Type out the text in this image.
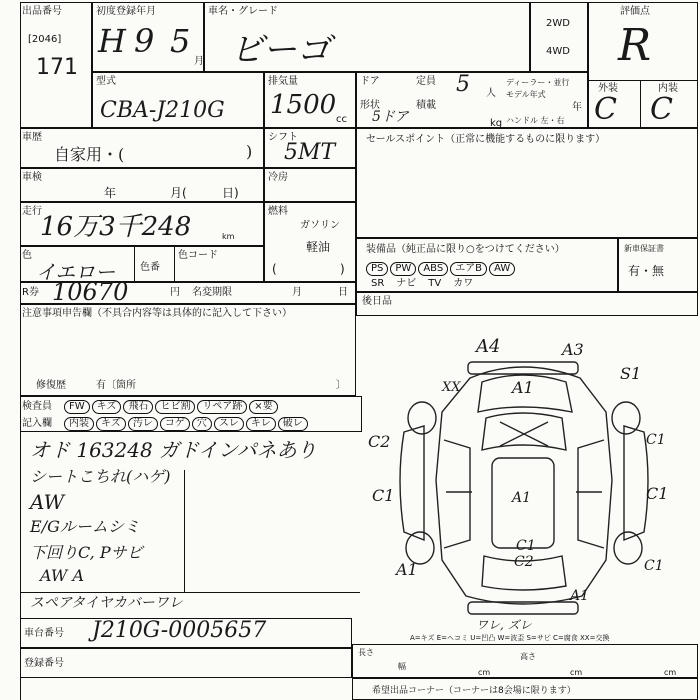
出品番号
[2046]
171
初度登録年月
H 9 5
月
車名・グレード
ビーゴ
2WD
4WD
評価点
R
外装	内装
C C
型式
CBA-J210G
排気量
1500 cc
ドア	定員 5 人
ディーラー・並行
モデル年式
年
形状
5ドア
積載
kg ハンドル 左・右
車歴
自家用・(	)
シフト
5MT
セールスポイント（正常に機能するものに限ります）
車検
年	月(	日)
冷房
走行
16万3千248	km
燃料
ガソリン
軽油
(	)
色
イエロー 色番
色コード
装備品（純正品に限り○をつけてください）
PS PW ABS エアB AW
SR ナビ TV カワ
新車保証書
有・無
R券 10670	円 名変期限	月	日
後日品
注意事項申告欄（不具合内容等は具体的に記入して下さい）
修復歴	有〔箇所	〕
検査員
記入欄
FW キズ 飛石 ヒビ割 リペア跡 ×要
内装 キズ 汚レ コゲ 穴 スレ キレ 破レ
オド 163248 ガドインパネあり
シートこちれ(ハゲ)
AW
E/Gルームシミ
下回りC, Pサビ
AW A
スペアタイヤカバーワレ
A4	A3
A1
S1
XX
C2	C1
C1	C1
A1
C2
C1
C1
A1
A1
ワレ, ズレ
A=キズ E=ヘコミ U=凹凸 W=波歪 S=サビ C=腐食 XX=交換
車台番号 J210G-0005657
登録番号
長さ
幅
cm
高さ
cm	cm
希望出品コーナー（コーナーは8会場に限ります）
